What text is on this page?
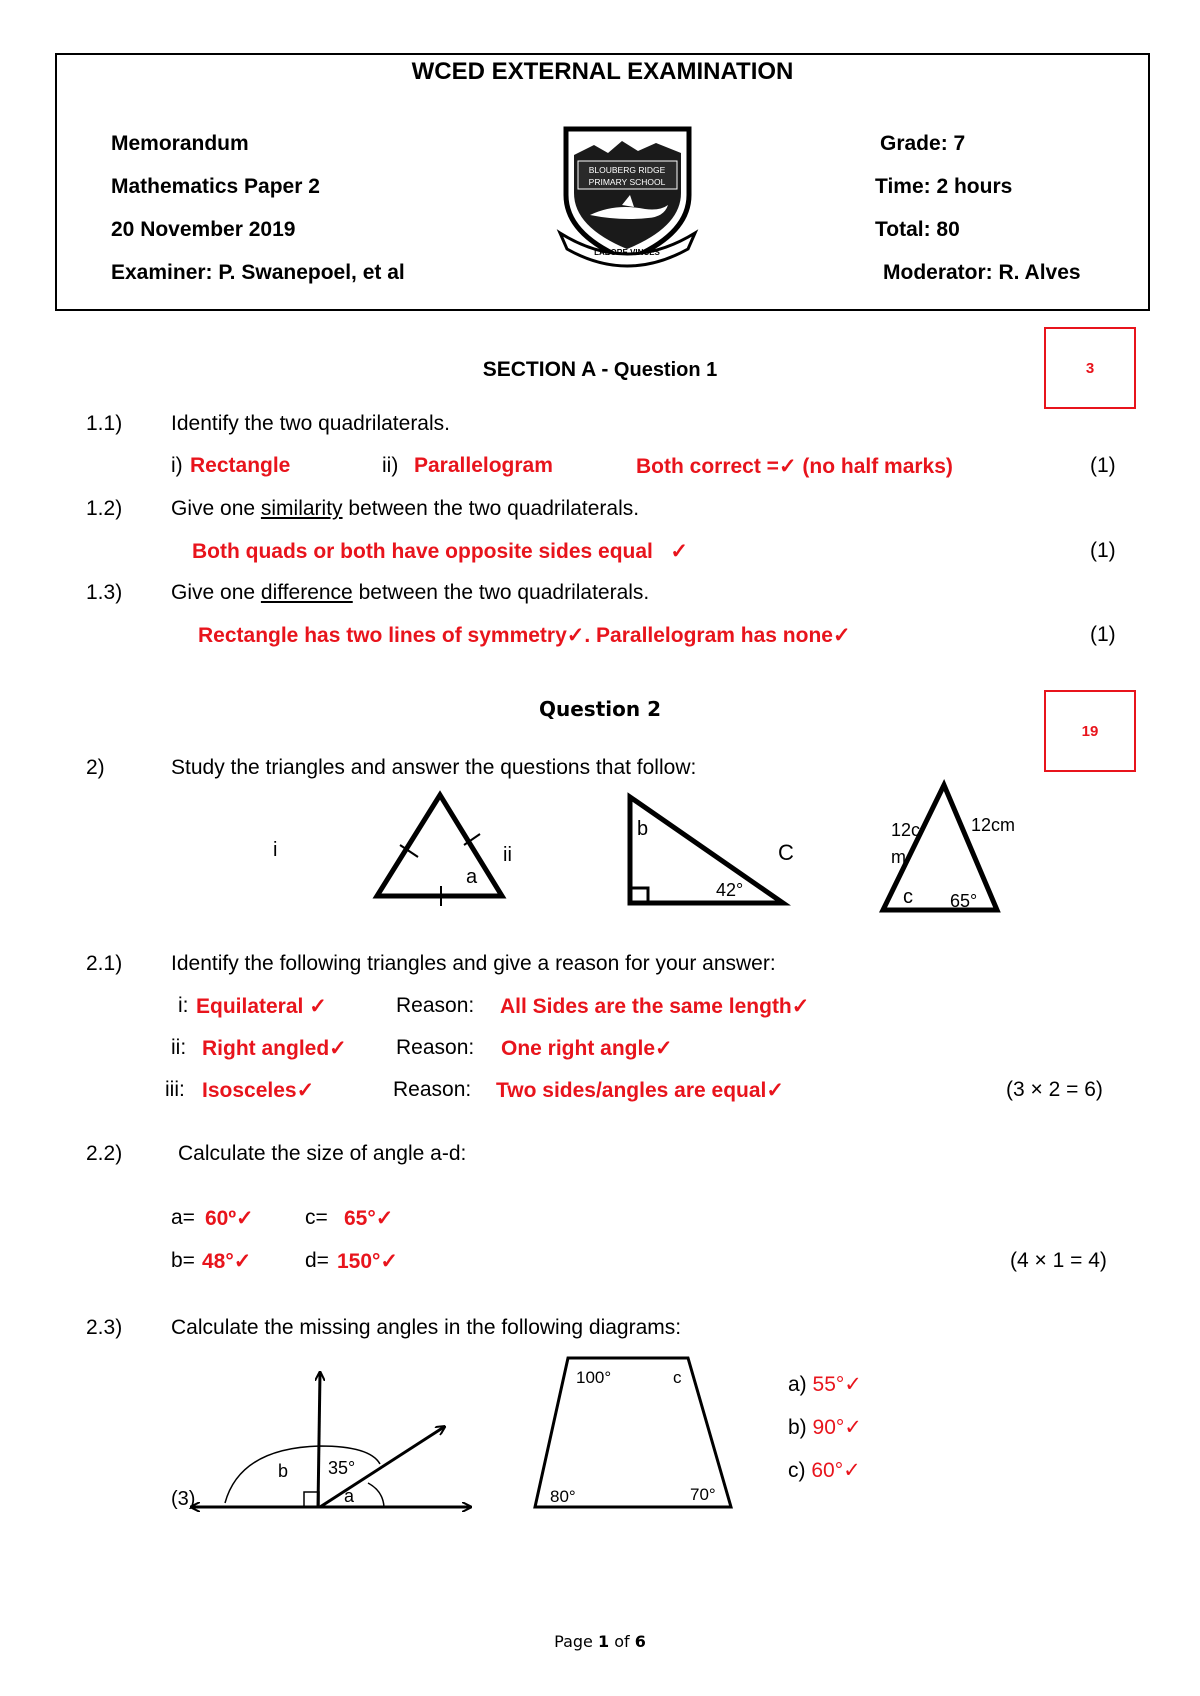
WCED EXTERNAL EXAMINATION
Memorandum
Mathematics Paper 2
20 November 2019
Examiner: P. Swanepoel, et al
Grade: 7
Time: 2 hours
Total: 80
Moderator: R. Alves
BLOUBERG RIDGE
PRIMARY SCHOOL
LABORE VINCES
3
SECTION A - Question 1
1.1) Identify the two quadrilaterals.
i) Rectangle	ii) Parallelogram	Both correct =✓ (no half marks)	(1)
1.2) Give one similarity between the two quadrilaterals.
Both quads or both have opposite sides equal   ✓	(1)
1.3) Give one difference between the two quadrilaterals.
Rectangle has two lines of symmetry✓. Parallelogram has none✓	(1)
19
Question 2
2)	Study the triangles and answer the questions that follow:
i
a
ii
b
C
42°
12c
m
12cm
c 65°
2.1) Identify the following triangles and give a reason for your answer:
i: Equilateral ✓	Reason: All Sides are the same length✓
ii: Right angled✓ Reason: One right angle✓
iii: Isosceles✓	Reason: Two sides/angles are equal✓	(3 × 2 = 6)
2.2)	Calculate the size of angle a-d:
a= 60º✓ c= 65°✓
b= 48°✓	d= 150°✓	(4 × 1 = 4)
2.3) Calculate the missing angles in the following diagrams:
b 35°
a
(3)
100°	c
80°	70°
a) 55°✓
b) 90°✓
c) 60°✓
Page 1 of 6
